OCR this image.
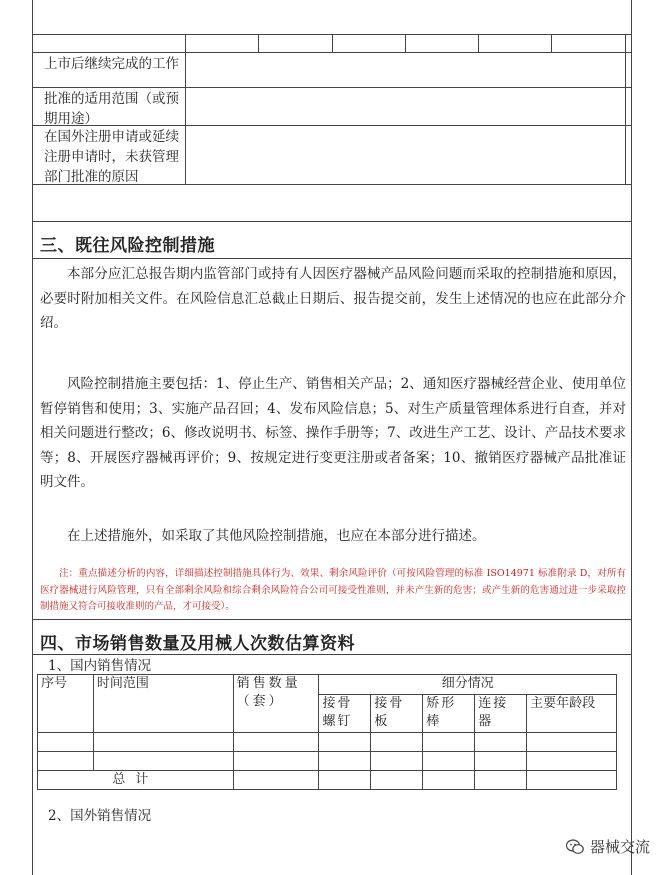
上市后继续完成的工作
批准的适用范围（或预期用途）
在国外注册申请或延续注册申请时，未获管理部门批准的原因
三、既往风险控制措施
本部分应汇总报告期内监管部门或持有人因医疗器械产品风险问题而采取的控制措施和原因，必要时附加相关文件。在风险信息汇总截止日期后、报告提交前，发生上述情况的也应在此部分介绍。
风险控制措施主要包括：1、停止生产、销售相关产品；2、通知医疗器械经营企业、使用单位暂停销售和使用；3、实施产品召回；4、发布风险信息；5、对生产质量管理体系进行自查，并对相关问题进行整改；6、修改说明书、标签、操作手册等；7、改进生产工艺、设计、产品技术要求等；8、开展医疗器械再评价；9、按规定进行变更注册或者备案；10、撤销医疗器械产品批准证明文件。
在上述措施外，如采取了其他风险控制措施，也应在本部分进行描述。
注：重点描述分析的内容，详细描述控制措施具体行为、效果、剩余风险评价（可按风险管理的标准 ISO14971 标准附录 D，对所有医疗器械进行风险管理，只有全部剩余风险和综合剩余风险符合公司可接受性准则，并未产生新的危害；或产生新的危害通过进一步采取控制措施又符合可接收准则的产品，才可接受）。
四、市场销售数量及用械人次数估算资料
1、国内销售情况
序号	时间范围	销售数量（套）	细分情况				
			接骨螺钉	接骨板	矫形棒	连接器	主要年龄段

总计							
2、国外销售情况
器械交流
